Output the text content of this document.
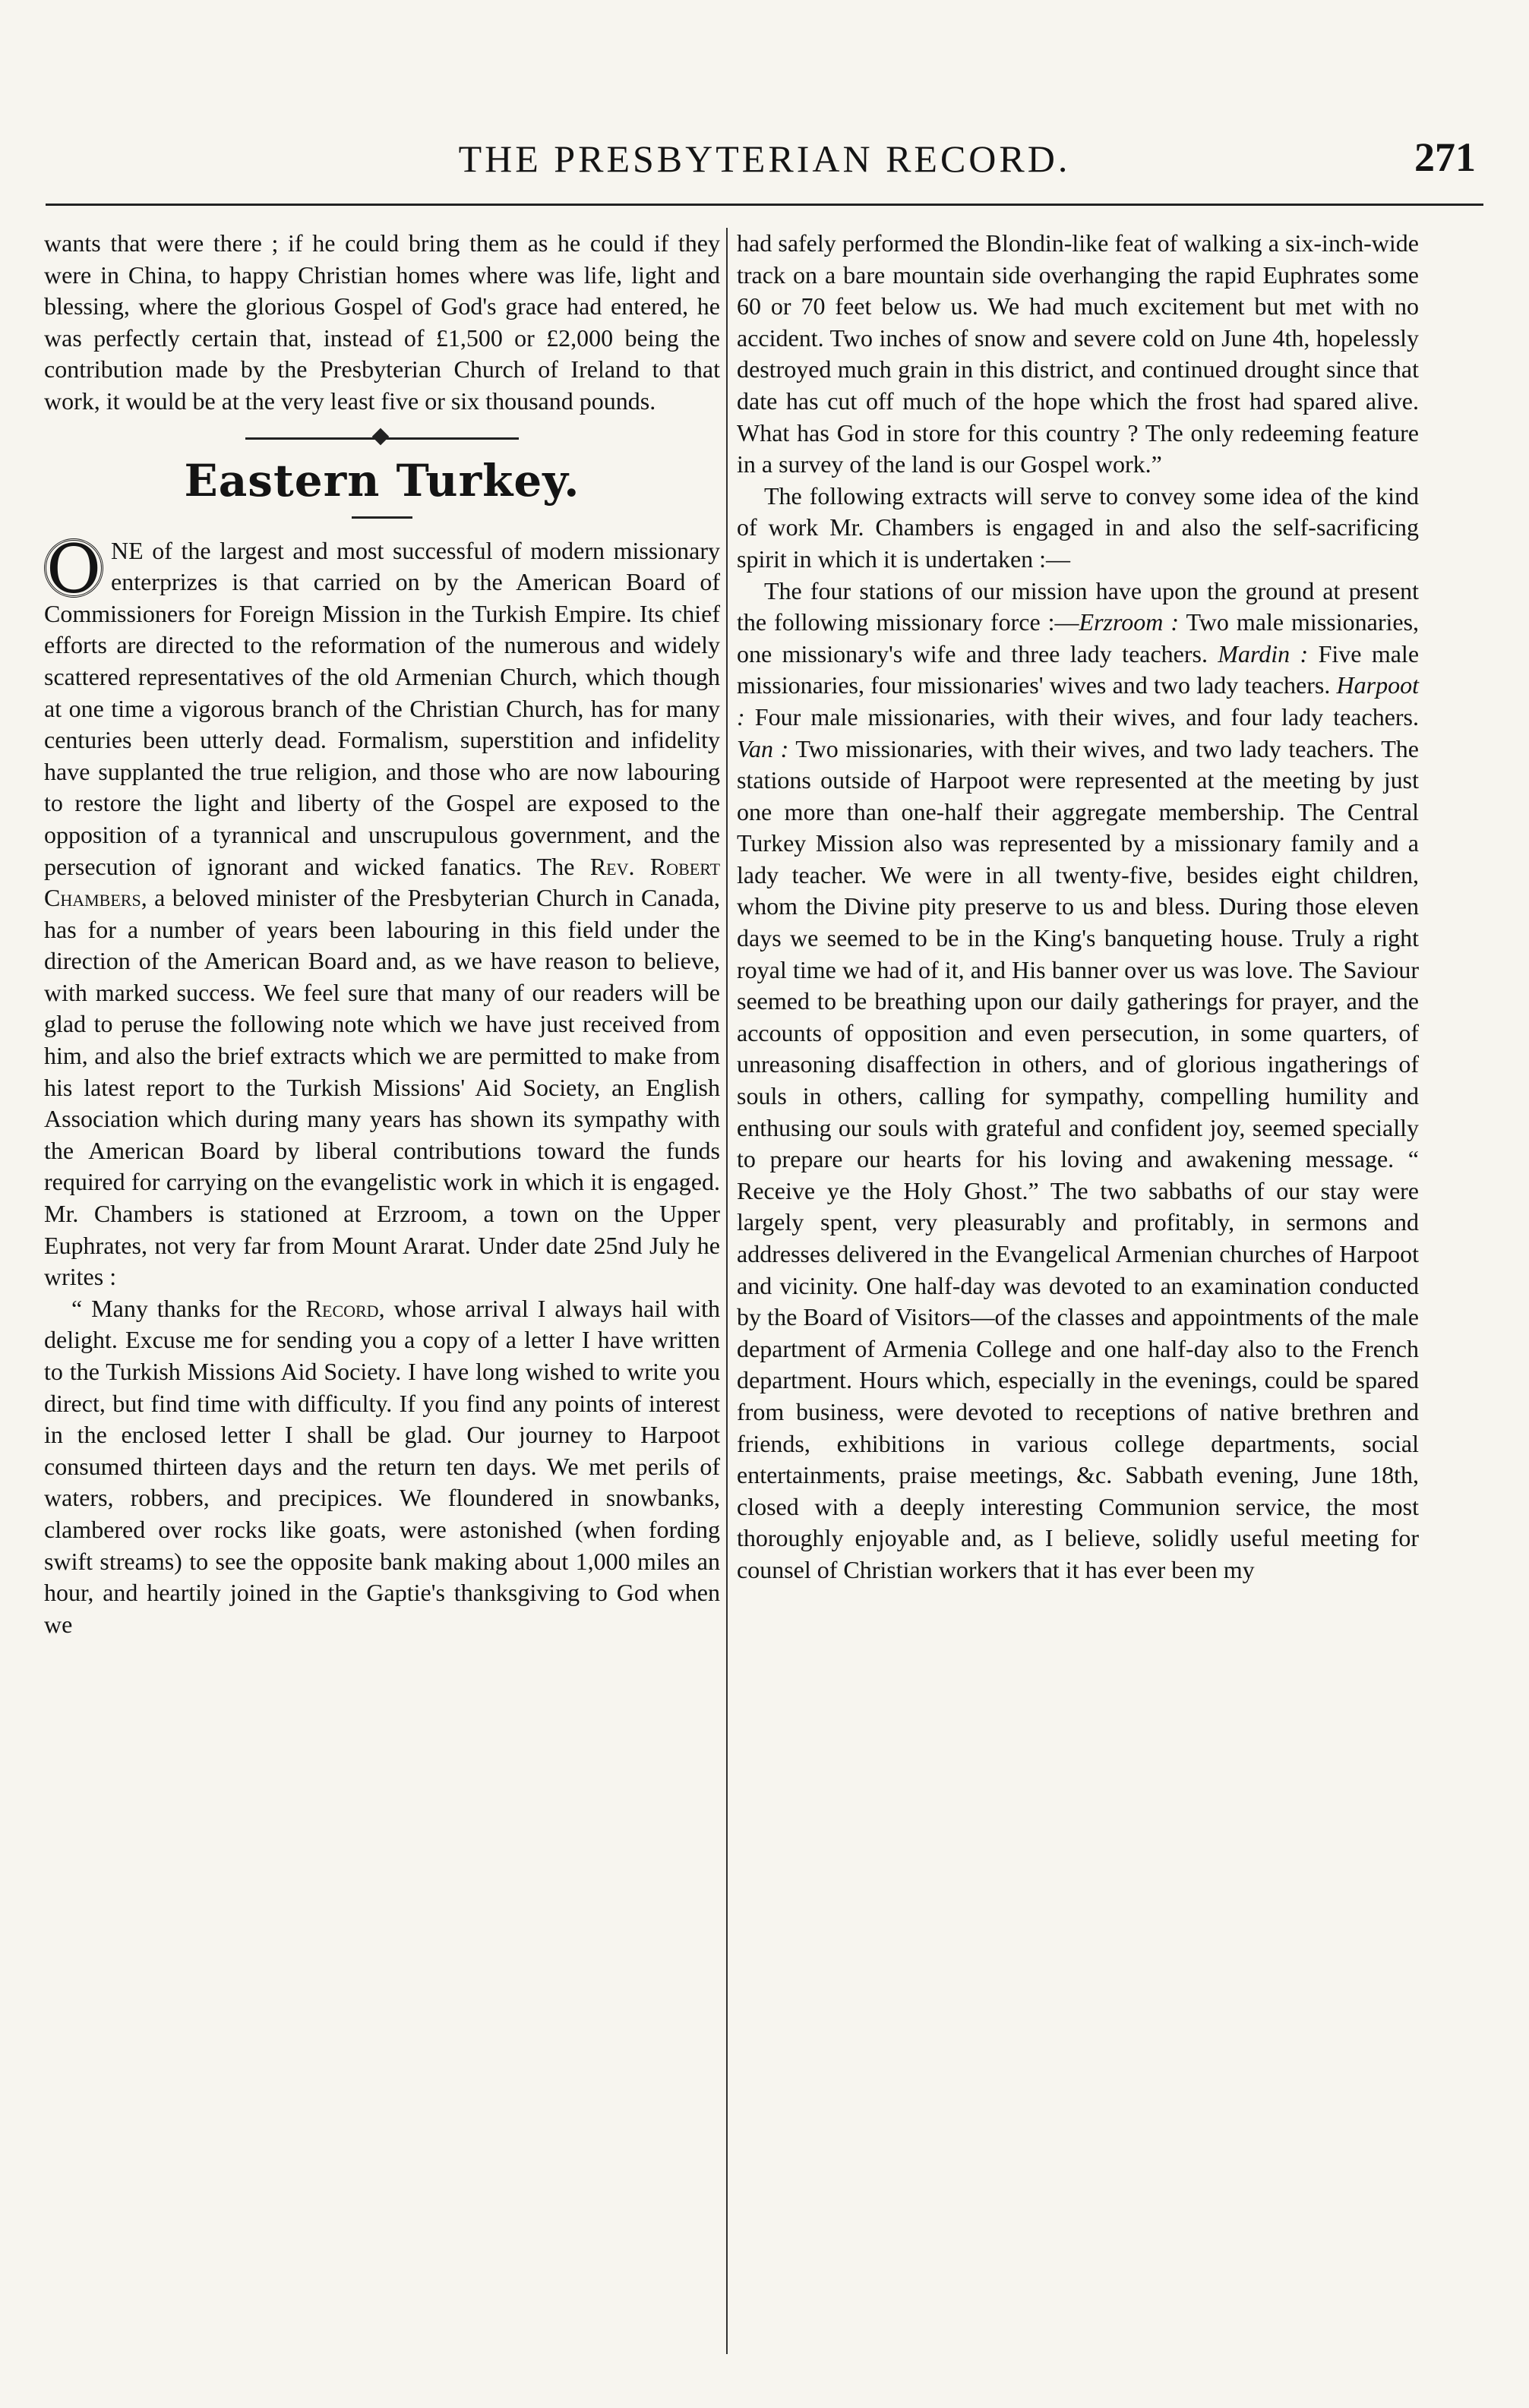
THE PRESBYTERIAN RECORD.	271

wants that were there ; if he could bring them as he could if they were in China, to happy Christian homes where was life, light and blessing, where the glorious Gospel of God's grace had entered, he was perfectly certain that, instead of £1,500 or £2,000 being the contribution made by the Presbyterian Church of Ireland to that work, it would be at the very least five or six thousand pounds.

Eastern Turkey.

O NE of the largest and most successful of modern missionary enterprizes is that carried on by the American Board of Commissioners for Foreign Mission in the Turkish Empire. Its chief efforts are directed to the reformation of the numerous and widely scattered representatives of the old Armenian Church, which though at one time a vigorous branch of the Christian Church, has for many centuries been utterly dead. Formalism, superstition and infidelity have supplanted the true religion, and those who are now labouring to restore the light and liberty of the Gospel are exposed to the opposition of a tyrannical and unscrupulous government, and the persecution of ignorant and wicked fanatics. The Rev. Robert Chambers, a beloved minister of the Presbyterian Church in Canada, has for a number of years been labouring in this field under the direction of the American Board and, as we have reason to believe, with marked success. We feel sure that many of our readers will be glad to peruse the following note which we have just received from him, and also the brief extracts which we are permitted to make from his latest report to the Turkish Missions' Aid Society, an English Association which during many years has shown its sympathy with the American Board by liberal contributions toward the funds required for carrying on the evangelistic work in which it is engaged. Mr. Chambers is stationed at Erzroom, a town on the Upper Euphrates, not very far from Mount Ararat. Under date 25nd July he writes :

“ Many thanks for the Record, whose arrival I always hail with delight. Excuse me for sending you a copy of a letter I have written to the Turkish Missions Aid Society. I have long wished to write you direct, but find time with difficulty. If you find any points of interest in the enclosed letter I shall be glad. Our journey to Harpoot consumed thirteen days and the return ten days. We met perils of waters, robbers, and precipices. We floundered in snowbanks, clambered over rocks like goats, were astonished (when fording swift streams) to see the opposite bank making about 1,000 miles an hour, and heartily joined in the Gaptie's thanksgiving to God when we

had safely performed the Blondin-like feat of walking a six-inch-wide track on a bare mountain side overhanging the rapid Euphrates some 60 or 70 feet below us. We had much excitement but met with no accident. Two inches of snow and severe cold on June 4th, hopelessly destroyed much grain in this district, and continued drought since that date has cut off much of the hope which the frost had spared alive. What has God in store for this country ? The only redeeming feature in a survey of the land is our Gospel work.”

The following extracts will serve to convey some idea of the kind of work Mr. Chambers is engaged in and also the self-sacrificing spirit in which it is undertaken :—

The four stations of our mission have upon the ground at present the following missionary force :—Erzroom : Two male missionaries, one missionary's wife and three lady teachers. Mardin : Five male missionaries, four missionaries' wives and two lady teachers. Harpoot : Four male missionaries, with their wives, and four lady teachers. Van : Two missionaries, with their wives, and two lady teachers. The stations outside of Harpoot were represented at the meeting by just one more than one-half their aggregate membership. The Central Turkey Mission also was represented by a missionary family and a lady teacher. We were in all twenty-five, besides eight children, whom the Divine pity preserve to us and bless. During those eleven days we seemed to be in the King's banqueting house. Truly a right royal time we had of it, and His banner over us was love. The Saviour seemed to be breathing upon our daily gatherings for prayer, and the accounts of opposition and even persecution, in some quarters, of unreasoning disaffection in others, and of glorious ingatherings of souls in others, calling for sympathy, compelling humility and enthusing our souls with grateful and confident joy, seemed specially to prepare our hearts for his loving and awakening message. “ Receive ye the Holy Ghost.” The two sabbaths of our stay were largely spent, very pleasurably and profitably, in sermons and addresses delivered in the Evangelical Armenian churches of Harpoot and vicinity. One half-day was devoted to an examination conducted by the Board of Visitors—of the classes and appointments of the male department of Armenia College and one half-day also to the French department. Hours which, especially in the evenings, could be spared from business, were devoted to receptions of native brethren and friends, exhibitions in various college departments, social entertainments, praise meetings, &c. Sabbath evening, June 18th, closed with a deeply interesting Communion service, the most thoroughly enjoyable and, as I believe, solidly useful meeting for counsel of Christian workers that it has ever been my
